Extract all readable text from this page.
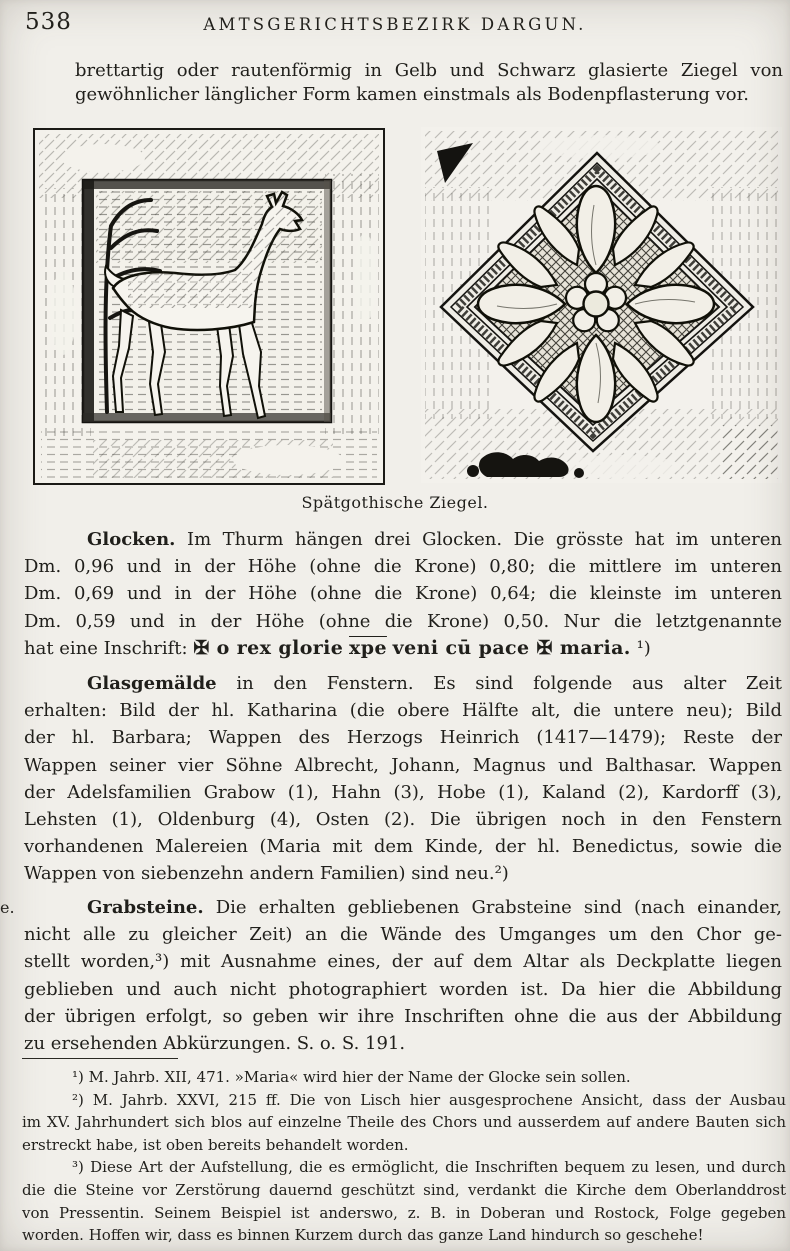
538	AMTSGERICHTSBEZIRK DARGUN.
brettartig oder rautenförmig in Gelb und Schwarz glasierte Ziegel von
gewöhnlicher länglicher Form kamen einstmals als Bodenpflasterung vor.
Spätgothische Ziegel.
e.
Glocken. Im Thurm hängen drei Glocken. Die grösste hat im unteren
Dm. 0,96 und in der Höhe (ohne die Krone) 0,80; die mittlere im unteren
Dm. 0,69 und in der Höhe (ohne die Krone) 0,64; die kleinste im unteren
Dm. 0,59 und in der Höhe (ohne die Krone) 0,50. Nur die letztgenannte
hat eine Inschrift: ✠ o rex glorie $\overline{xpe}$ veni cū pace ✠ maria. ¹)
Glasgemälde in den Fenstern. Es sind folgende aus alter Zeit
erhalten: Bild der hl. Katharina (die obere Hälfte alt, die untere neu); Bild
der hl. Barbara; Wappen des Herzogs Heinrich (1417—1479); Reste der
Wappen seiner vier Söhne Albrecht, Johann, Magnus und Balthasar. Wappen
der Adelsfamilien Grabow (1), Hahn (3), Hobe (1), Kaland (2), Kardorff (3),
Lehsten (1), Oldenburg (4), Osten (2). Die übrigen noch in den Fenstern
vorhandenen Malereien (Maria mit dem Kinde, der hl. Benedictus, sowie die
Wappen von siebenzehn andern Familien) sind neu.²)
Grabsteine. Die erhalten gebliebenen Grabsteine sind (nach einander,
nicht alle zu gleicher Zeit) an die Wände des Umganges um den Chor ge-
stellt worden,³) mit Ausnahme eines, der auf dem Altar als Deckplatte liegen
geblieben und auch nicht photographiert worden ist. Da hier die Abbildung
der übrigen erfolgt, so geben wir ihre Inschriften ohne die aus der Abbildung
zu ersehenden Abkürzungen. S. o. S. 191.
¹) M. Jahrb. XII, 471. »Maria« wird hier der Name der Glocke sein sollen.
²) M. Jahrb. XXVI, 215 ff. Die von Lisch hier ausgesprochene Ansicht, dass der Ausbau
im XV. Jahrhundert sich blos auf einzelne Theile des Chors und ausserdem auf andere Bauten sich
erstreckt habe, ist oben bereits behandelt worden.
³) Diese Art der Aufstellung, die es ermöglicht, die Inschriften bequem zu lesen, und durch
die die Steine vor Zerstörung dauernd geschützt sind, verdankt die Kirche dem Oberlanddrost
von Pressentin. Seinem Beispiel ist anderswo, z. B. in Doberan und Rostock, Folge gegeben
worden. Hoffen wir, dass es binnen Kurzem durch das ganze Land hindurch so geschehe!
